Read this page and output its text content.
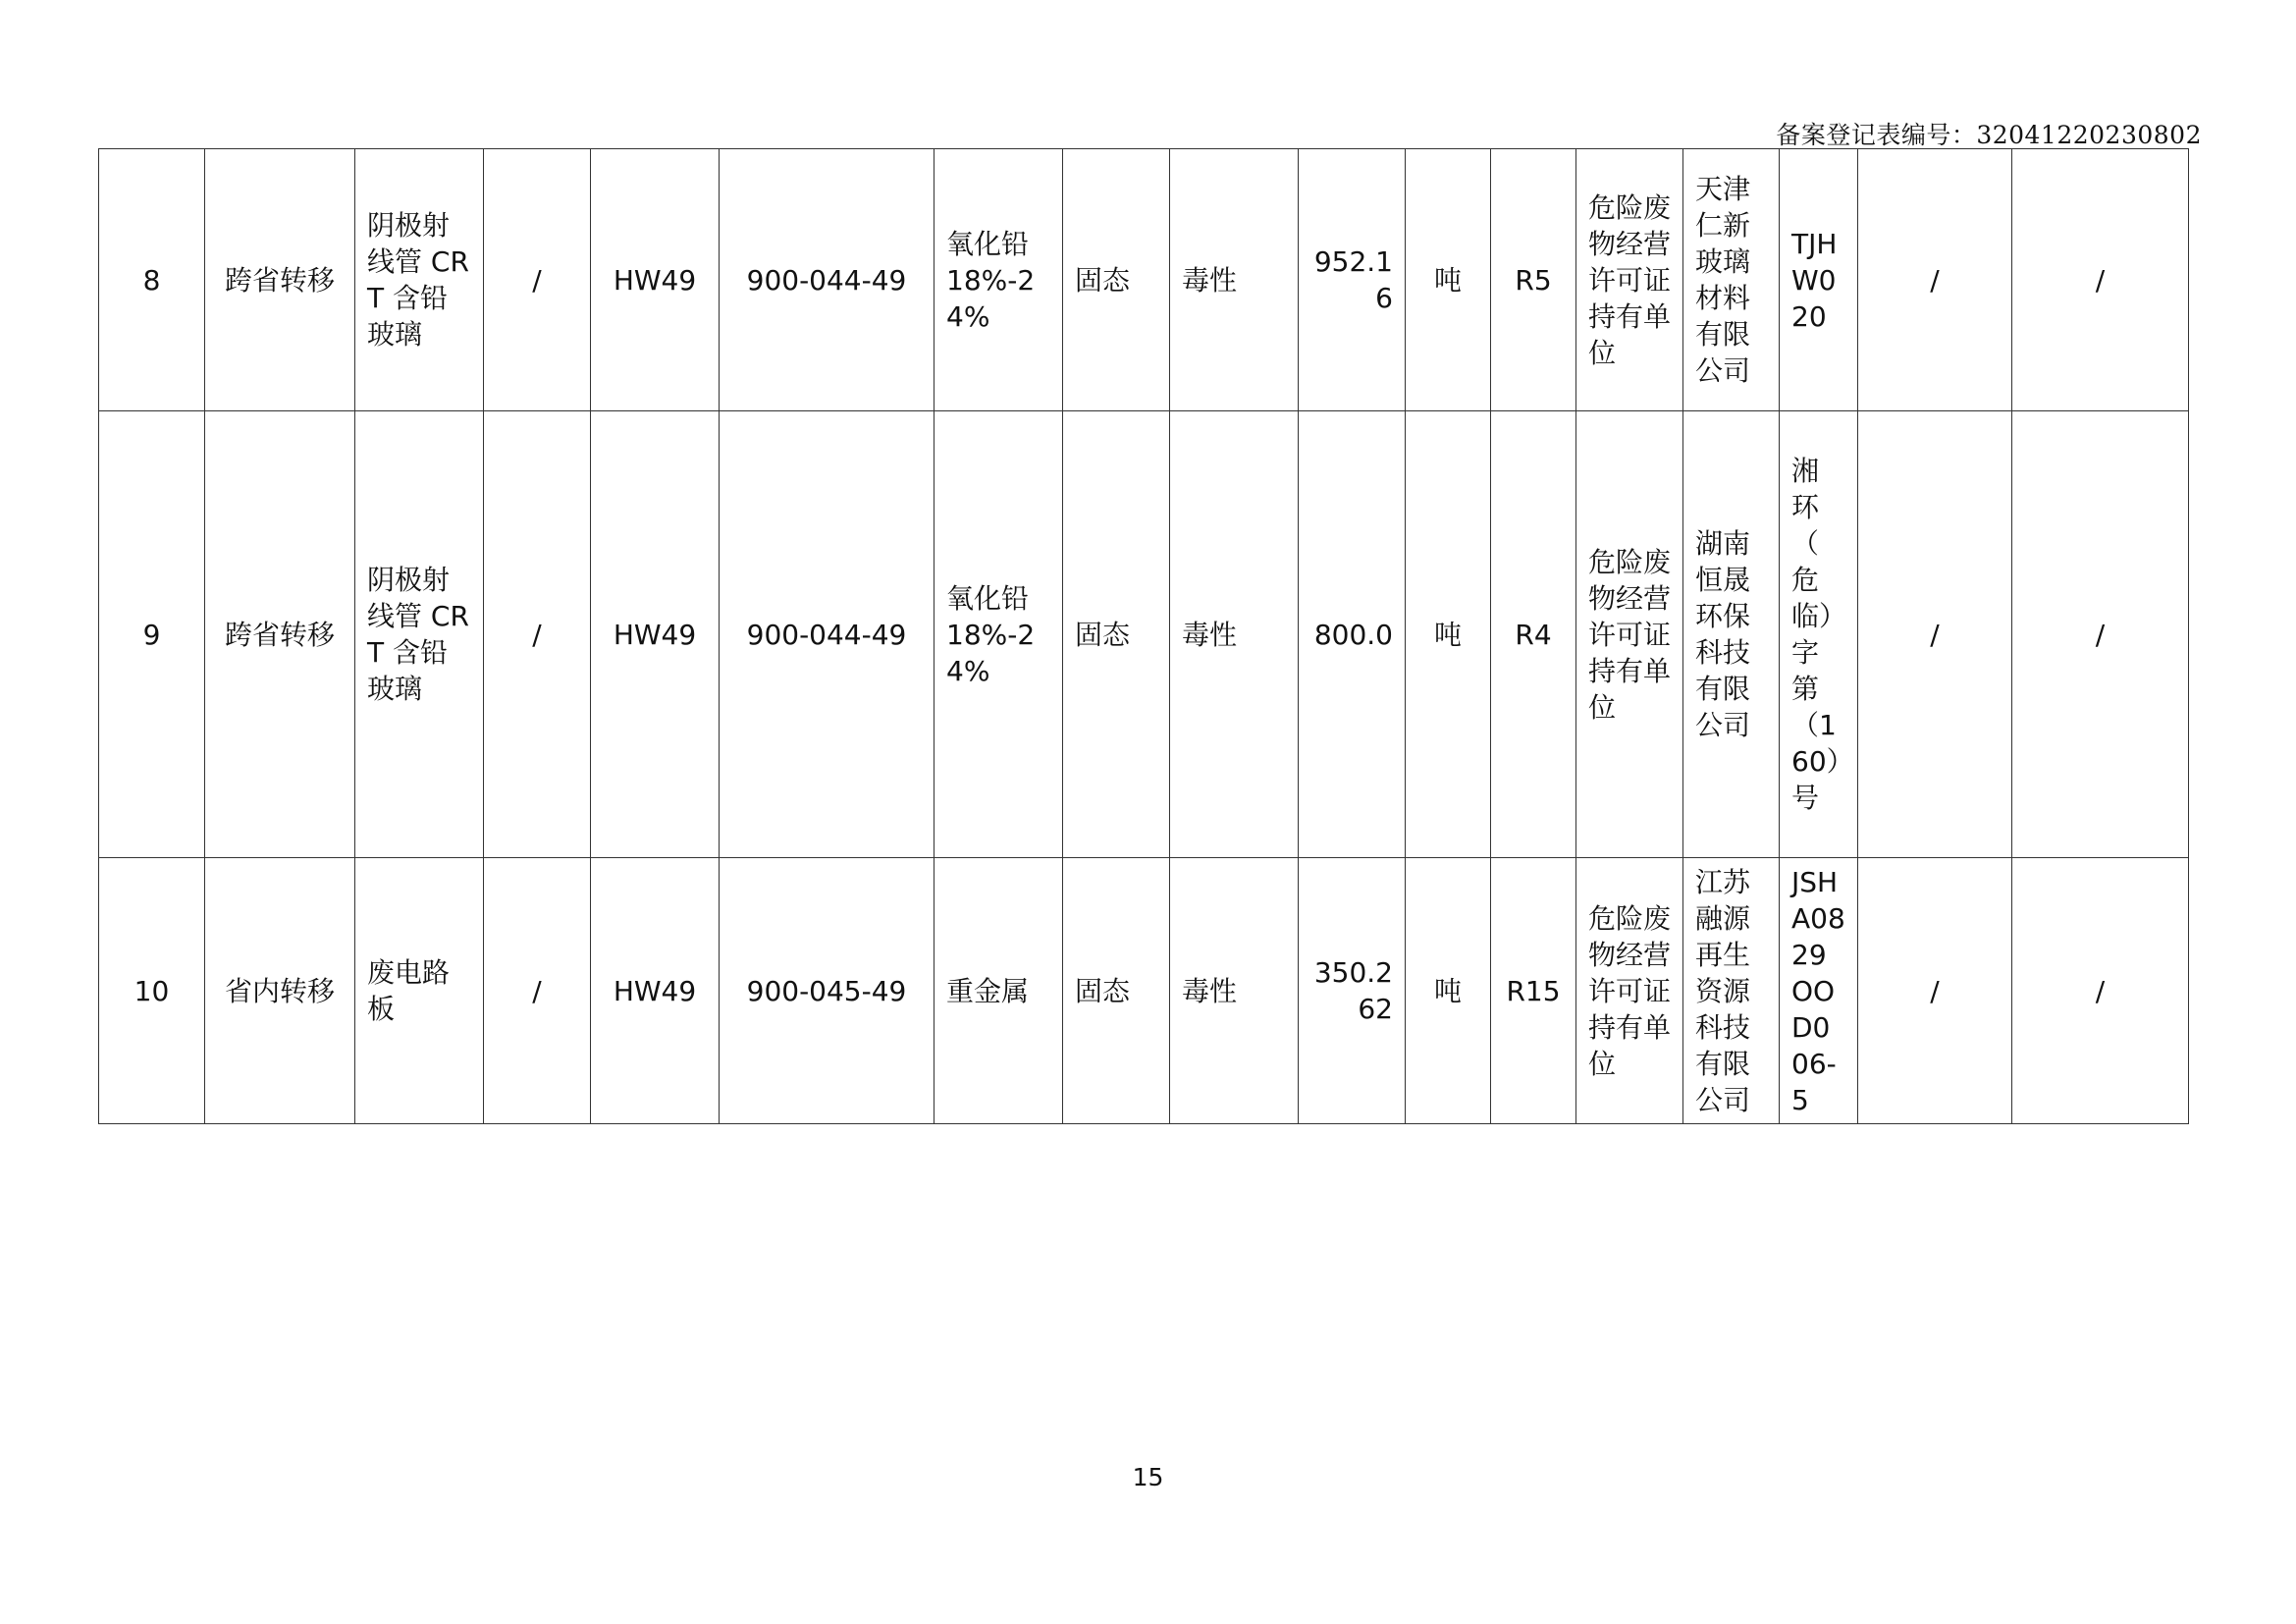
备案登记表编号：32041220230802
8	跨省转移	阴极射线管 CRT 含铅玻璃	/	HW49	900-044-49	氧化铅 18%-24%	固态	毒性	952.16	吨	R5	危险废物经营许可证持有单位	天津仁新玻璃材料有限公司	TJHW020	/	/
9	跨省转移	阴极射线管 CRT 含铅玻璃	/	HW49	900-044-49	氧化铅 18%-24%	固态	毒性	800.0	吨	R4	危险废物经营许可证持有单位	湖南恒晟环保科技有限公司	湘环（危临）字第（160）号	/	/
10	省内转移	废电路板	/	HW49	900-045-49	重金属	固态	毒性	350.262	吨	R15	危险废物经营许可证持有单位	江苏融源再生资源科技有限公司	JSHA0829OOD006-5	/	/
15
